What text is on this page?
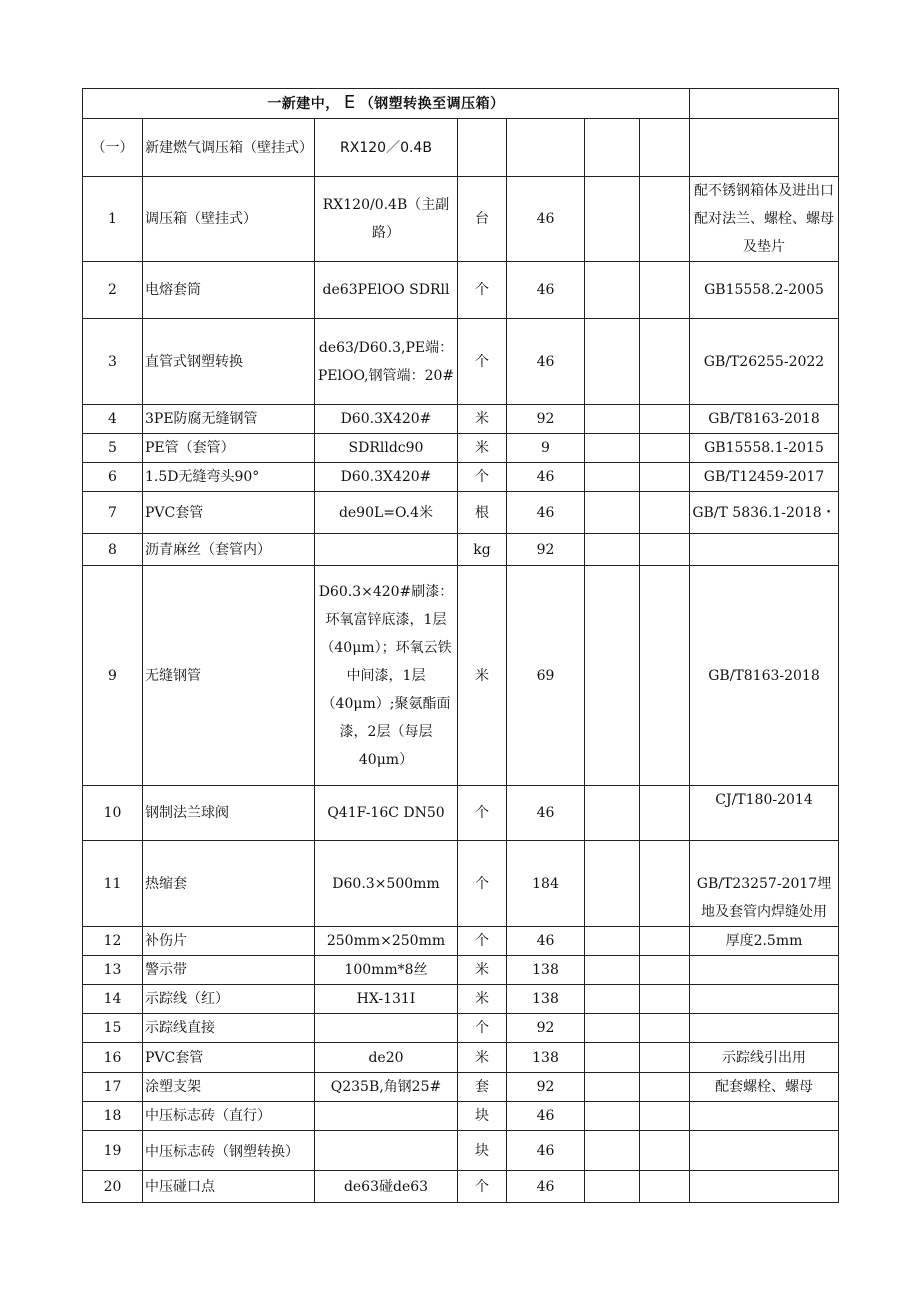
一新建中， E （钢塑转换至调压箱）							
（一）	新建燃气调压箱（壁挂式）	RX120／0.4B					
1	调压箱（壁挂式）	RX120/0.4B（主副路）	台	46			配不锈钢箱体及进出口配对法兰、螺栓、螺母及垫片
2	电熔套筒	de63PElOO SDRll	个	46			GB15558.2-2005
3	直管式钢塑转换	de63∕D60.3,PE端：PElOO,钢管端：20#	个	46			GB/T26255-2022
4	3PE防腐无缝钢管	D60.3X420#	米	92			GB/T8163-2018
5	PE管（套管）	SDRlldc90	米	9			GB15558.1-2015
6	1.5D无缝弯头90°	D60.3X420#	个	46			GB/T12459-2017
7	PVC套管	de90L=O.4米	根	46			GB/T 5836.1-2018・
8	沥青麻丝（套管内）		kg	92			
9	无缝钢管	D60.3×420#刷漆：环氧富锌底漆，1层（40μm）；环氧云铁中间漆，1层（40μm）;聚氨酯面漆，2层（每层40μm）	米	69			GB/T8163-2018
10	钢制法兰球阀	Q41F-16C DN50	个	46			CJ/T180-2014
11	热缩套	D60.3×500mm	个	184			GB/T23257-2017埋地及套管内焊缝处用
12	补伤片	250mm×250mm	个	46			厚度2.5mm
13	警示带	100mm*8丝	米	138			
14	示踪线（红）	HX-131I	米	138			
15	示踪线直接		个	92			
16	PVC套管	de20	米	138			示踪线引出用
17	涂塑支架	Q235B,角钢25#	套	92			配套螺栓、螺母
18	中压标志砖（直行）		块	46			
19	中压标志砖（钢塑转换）		块	46			
20	中压碰口点	de63碰de63	个	46			
